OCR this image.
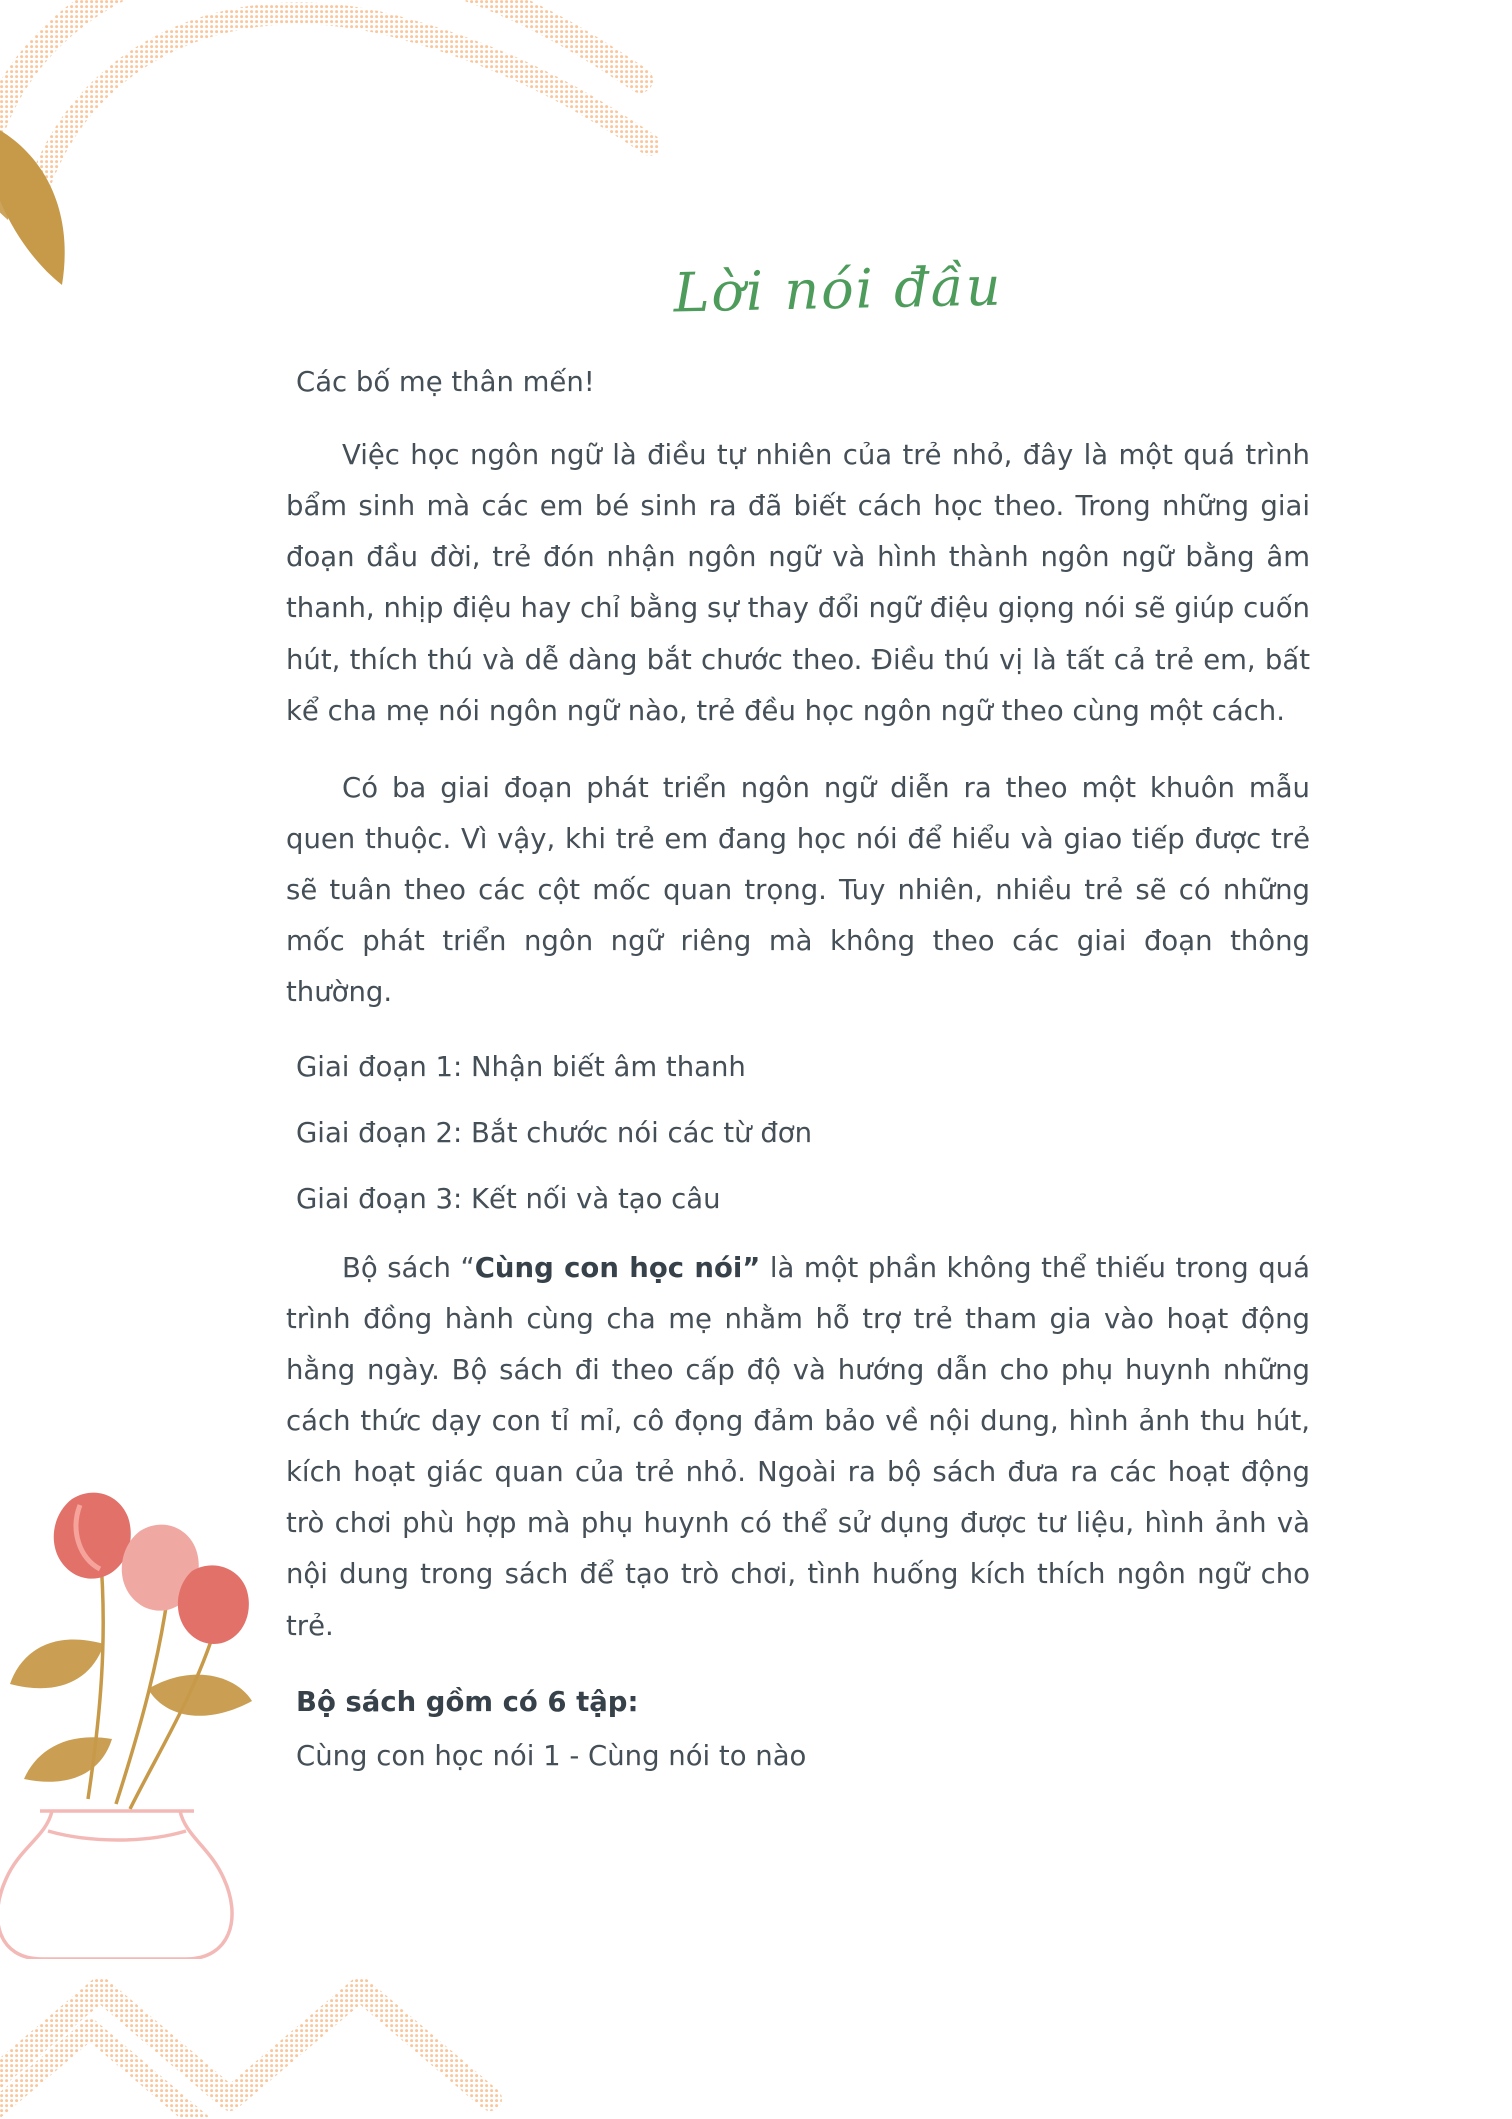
Lời nói đầu

Các bố mẹ thân mến!

Việc học ngôn ngữ là điều tự nhiên của trẻ nhỏ, đây là một quá trình bẩm sinh mà các em bé sinh ra đã biết cách học theo. Trong những giai đoạn đầu đời, trẻ đón nhận ngôn ngữ và hình thành ngôn ngữ bằng âm thanh, nhịp điệu hay chỉ bằng sự thay đổi ngữ điệu giọng nói sẽ giúp cuốn hút, thích thú và dễ dàng bắt chước theo. Điều thú vị là tất cả trẻ em, bất kể cha mẹ nói ngôn ngữ nào, trẻ đều học ngôn ngữ theo cùng một cách.

Có ba giai đoạn phát triển ngôn ngữ diễn ra theo một khuôn mẫu quen thuộc. Vì vậy, khi trẻ em đang học nói để hiểu và giao tiếp được trẻ sẽ tuân theo các cột mốc quan trọng. Tuy nhiên, nhiều trẻ sẽ có những mốc phát triển ngôn ngữ riêng mà không theo các giai đoạn thông thường.

Giai đoạn 1: Nhận biết âm thanh

Giai đoạn 2: Bắt chước nói các từ đơn

Giai đoạn 3: Kết nối và tạo câu

Bộ sách “Cùng con học nói” là một phần không thể thiếu trong quá trình đồng hành cùng cha mẹ nhằm hỗ trợ trẻ tham gia vào hoạt động hằng ngày. Bộ sách đi theo cấp độ và hướng dẫn cho phụ huynh những cách thức dạy con tỉ mỉ, cô đọng đảm bảo về nội dung, hình ảnh thu hút, kích hoạt giác quan của trẻ nhỏ. Ngoài ra bộ sách đưa ra các hoạt động trò chơi phù hợp mà phụ huynh có thể sử dụng được tư liệu, hình ảnh và nội dung trong sách để tạo trò chơi, tình huống kích thích ngôn ngữ cho trẻ.

Bộ sách gồm có 6 tập:

Cùng con học nói 1 - Cùng nói to nào
